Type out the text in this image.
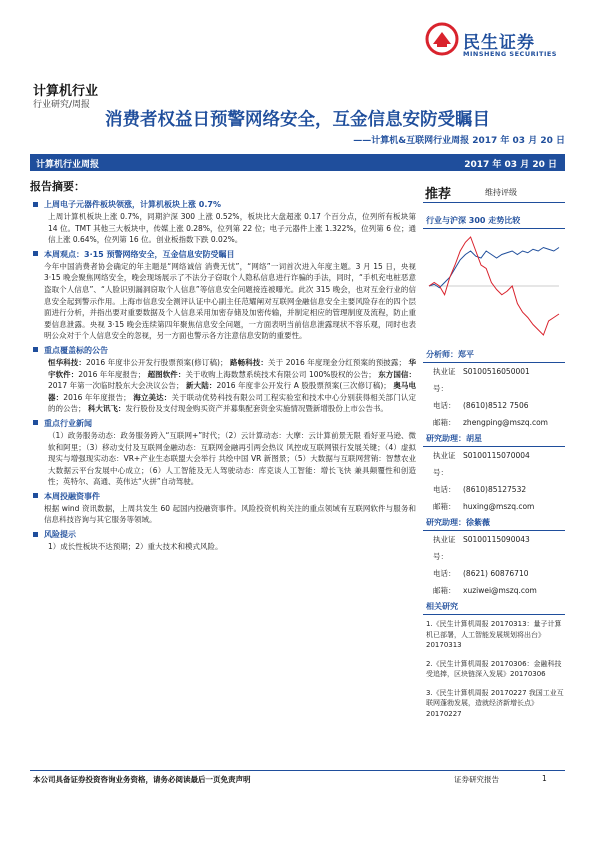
民生证券
MINSHENG SECURITIES
计算机行业
行业研究/周报
消费者权益日预警网络安全，互金信息安防受瞩目
——计算机&互联网行业周报 2017 年 03 月 20 日
计算机行业周报	2017 年 03 月 20 日
报告摘要：
上周电子元器件板块领涨，计算机板块上涨 0.7%
上周计算机板块上涨 0.7%，同期沪深 300 上涨 0.52%，板块比大盘超涨 0.17 个百分点，位列所有板块第 14 位。TMT 其他三大板块中，传媒上涨 0.28%，位列第 22 位；电子元器件上涨 1.322%，位列第 6 位；通信上涨 0.64%，位列第 16 位。创业板指数下跌 0.02%。
本周观点：3·15 预警网络安全，互金信息安防受瞩目
今年中国消费者协会确定的年主题是“网络诚信 消费无忧”，“网络”一词首次进入年度主题。3 月 15 日，央视 3·15 晚会聚焦网络安全，晚会现场展示了不法分子窃取个人隐私信息进行诈骗的手法，同时，“手机充电桩恶意盗取个人信息”、“人脸识别漏洞窃取个人信息”等信息安全问题接连被曝光。此次 315 晚会，也对互金行业的信息安全起到警示作用。上海市信息安全测评认证中心副主任范耀阐对互联网金融信息安全主要风险存在的四个层面进行分析，并指出要对重要数据及个人信息采用加密存储及加密传输，并制定相应的管理制度及流程，防止重要信息泄露。央视 3·15 晚会连续第四年聚焦信息安全问题，一方面表明当前信息泄露现状不容乐观，同时也表明公众对于个人信息安全的忽视，另一方面也警示各方注意信息安防的重要性。
重点覆盖标的公告
恒华科技：2016 年度非公开发行股票预案(修订稿)； 路畅科技：关于 2016 年度现金分红预案的预披露； 华宇软件：2016 年年度报告； 超图软件：关于收购上海数慧系统技术有限公司 100%股权的公告； 东方国信：2017 年第一次临时股东大会决议公告； 新大陆：2016 年度非公开发行 A 股股票预案(三次修订稿)； 奥马电器：2016 年年度报告； 海立美达：关于联动优势科技有限公司工程实验室和技术中心分别获得相关部门认定的的公告； 科大讯飞：发行股份及支付现金购买资产并募集配套资金实施情况暨新增股份上市公告书。
重点行业新闻
（1）政务服务动态：政务服务跨入“互联网+”时代；（2）云计算动态：大摩：云计算前景无限 看好亚马逊、微软和阿里；（3）移动支付及互联网金融动态：互联网金融再引两会热议 风控成互联网银行发展关键；（4）虚拟现实与增强现实动态：VR+产业生态联盟大会举行 共绘中国 VR 新图景；（5）大数据与互联网营销：智慧农业大数据云平台发展中心成立；（6）人工智能及无人驾驶动态：库克谈人工智能：增长飞快 兼具颠覆性和创造性；英特尔、高通、英伟达“火拼”自动驾驶。
本周投融资事件
根据 wind 资讯数据，上周共发生 60 起国内投融资事件。风险投资机构关注的重点领域有互联网软件与服务和信息科技咨询与其它服务等领域。
风险提示
1）成长性板块不达预期；2）重大技术和模式风险。
推荐	维持评级
行业与沪深 300 走势比较
分析师：郑平
执业证号：
S0100516050001
电话：	(8610)8512 7506
邮箱：	zhengping@mszq.com
研究助理：胡星
执业证号：
S0100115070004
电话：	(8610)85127532
邮箱：	huxing@mszq.com
研究助理：徐紫薇
执业证号：
S0100115090043
电话：	(8621) 60876710
邮箱：	xuziwei@mszq.com
相关研究
1.《民生计算机周报 20170313：量子计算机已部署，人工智能发展规划将出台》20170313
2.《民生计算机周报 20170306：金融科技受追捧，区块链深入发展》20170306
3.《民生计算机周报 20170227 我国工业互联网蓬勃发展，造就经济新增长点》20170227
本公司具备证券投资咨询业务资格，请务必阅读最后一页免责声明	证券研究报告	1
